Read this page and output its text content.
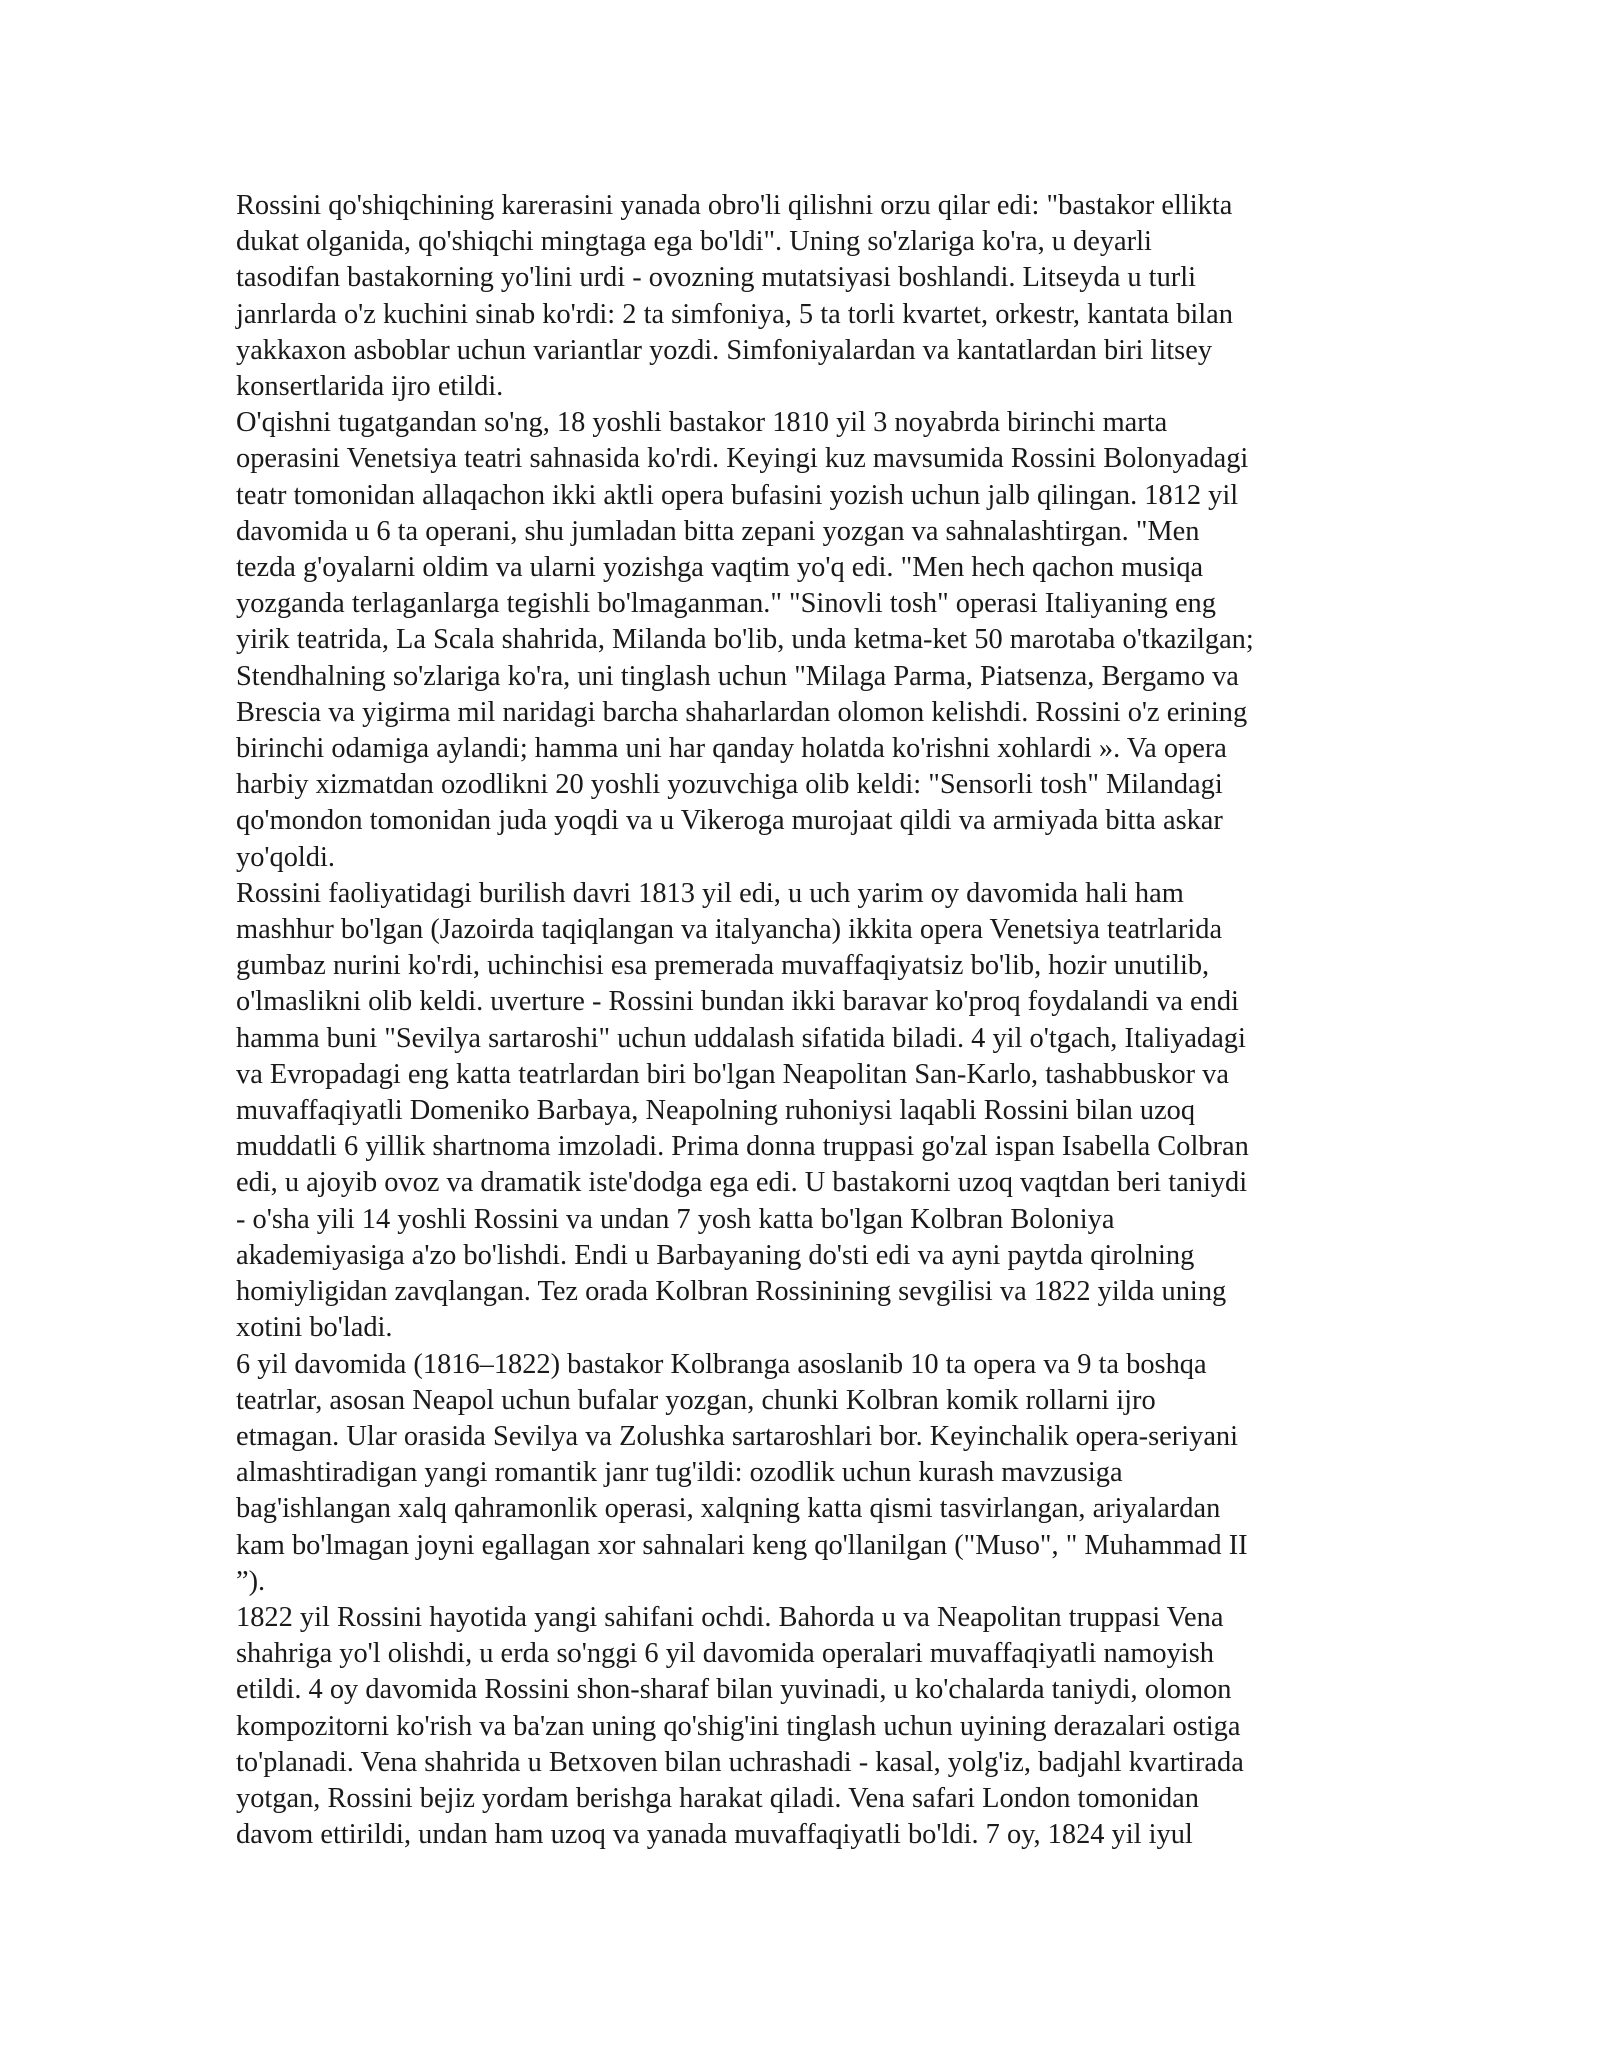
Rossini qo'shiqchining karerasini yanada obro'li qilishni orzu qilar edi: "bastakor ellikta
dukat olganida, qo'shiqchi mingtaga ega bo'ldi". Uning so'zlariga ko'ra, u deyarli
tasodifan bastakorning yo'lini urdi - ovozning mutatsiyasi boshlandi. Litseyda u turli
janrlarda o'z kuchini sinab ko'rdi: 2 ta simfoniya, 5 ta torli kvartet, orkestr, kantata bilan
yakkaxon asboblar uchun variantlar yozdi. Simfoniyalardan va kantatlardan biri litsey
konsertlarida ijro etildi.

O'qishni tugatgandan so'ng, 18 yoshli bastakor 1810 yil 3 noyabrda birinchi marta
operasini Venetsiya teatri sahnasida ko'rdi. Keyingi kuz mavsumida Rossini Bolonyadagi
teatr tomonidan allaqachon ikki aktli opera bufasini yozish uchun jalb qilingan. 1812 yil
davomida u 6 ta operani, shu jumladan bitta zepani yozgan va sahnalashtirgan. "Men
tezda g'oyalarni oldim va ularni yozishga vaqtim yo'q edi. "Men hech qachon musiqa
yozganda terlaganlarga tegishli bo'lmaganman." "Sinovli tosh" operasi Italiyaning eng
yirik teatrida, La Scala shahrida, Milanda bo'lib, unda ketma-ket 50 marotaba o'tkazilgan;
Stendhalning so'zlariga ko'ra, uni tinglash uchun "Milaga Parma, Piatsenza, Bergamo va
Brescia va yigirma mil naridagi barcha shaharlardan olomon kelishdi. Rossini o'z erining
birinchi odamiga aylandi; hamma uni har qanday holatda ko'rishni xohlardi ». Va opera
harbiy xizmatdan ozodlikni 20 yoshli yozuvchiga olib keldi: "Sensorli tosh" Milandagi
qo'mondon tomonidan juda yoqdi va u Vikeroga murojaat qildi va armiyada bitta askar
yo'qoldi.

Rossini faoliyatidagi burilish davri 1813 yil edi, u uch yarim oy davomida hali ham
mashhur bo'lgan (Jazoirda taqiqlangan va italyancha) ikkita opera Venetsiya teatrlarida
gumbaz nurini ko'rdi, uchinchisi esa premerada muvaffaqiyatsiz bo'lib, hozir unutilib,
o'lmaslikni olib keldi. uverture - Rossini bundan ikki baravar ko'proq foydalandi va endi
hamma buni "Sevilya sartaroshi" uchun uddalash sifatida biladi. 4 yil o'tgach, Italiyadagi
va Evropadagi eng katta teatrlardan biri bo'lgan Neapolitan San-Karlo, tashabbuskor va
muvaffaqiyatli Domeniko Barbaya, Neapolning ruhoniysi laqabli Rossini bilan uzoq
muddatli 6 yillik shartnoma imzoladi. Prima donna truppasi go'zal ispan Isabella Colbran
edi, u ajoyib ovoz va dramatik iste'dodga ega edi. U bastakorni uzoq vaqtdan beri taniydi
- o'sha yili 14 yoshli Rossini va undan 7 yosh katta bo'lgan Kolbran Boloniya
akademiyasiga a'zo bo'lishdi. Endi u Barbayaning do'sti edi va ayni paytda qirolning
homiyligidan zavqlangan. Tez orada Kolbran Rossinining sevgilisi va 1822 yilda uning
xotini bo'ladi.

6 yil davomida (1816–1822) bastakor Kolbranga asoslanib 10 ta opera va 9 ta boshqa
teatrlar, asosan Neapol uchun bufalar yozgan, chunki Kolbran komik rollarni ijro
etmagan. Ular orasida Sevilya va Zolushka sartaroshlari bor. Keyinchalik opera-seriyani
almashtiradigan yangi romantik janr tug'ildi: ozodlik uchun kurash mavzusiga
bag'ishlangan xalq qahramonlik operasi, xalqning katta qismi tasvirlangan, ariyalardan
kam bo'lmagan joyni egallagan xor sahnalari keng qo'llanilgan ("Muso", " Muhammad II
”).

1822 yil Rossini hayotida yangi sahifani ochdi. Bahorda u va Neapolitan truppasi Vena
shahriga yo'l olishdi, u erda so'nggi 6 yil davomida operalari muvaffaqiyatli namoyish
etildi. 4 oy davomida Rossini shon-sharaf bilan yuvinadi, u ko'chalarda taniydi, olomon
kompozitorni ko'rish va ba'zan uning qo'shig'ini tinglash uchun uyining derazalari ostiga
to'planadi. Vena shahrida u Betxoven bilan uchrashadi - kasal, yolg'iz, badjahl kvartirada
yotgan, Rossini bejiz yordam berishga harakat qiladi. Vena safari London tomonidan
davom ettirildi, undan ham uzoq va yanada muvaffaqiyatli bo'ldi. 7 oy, 1824 yil iyul
